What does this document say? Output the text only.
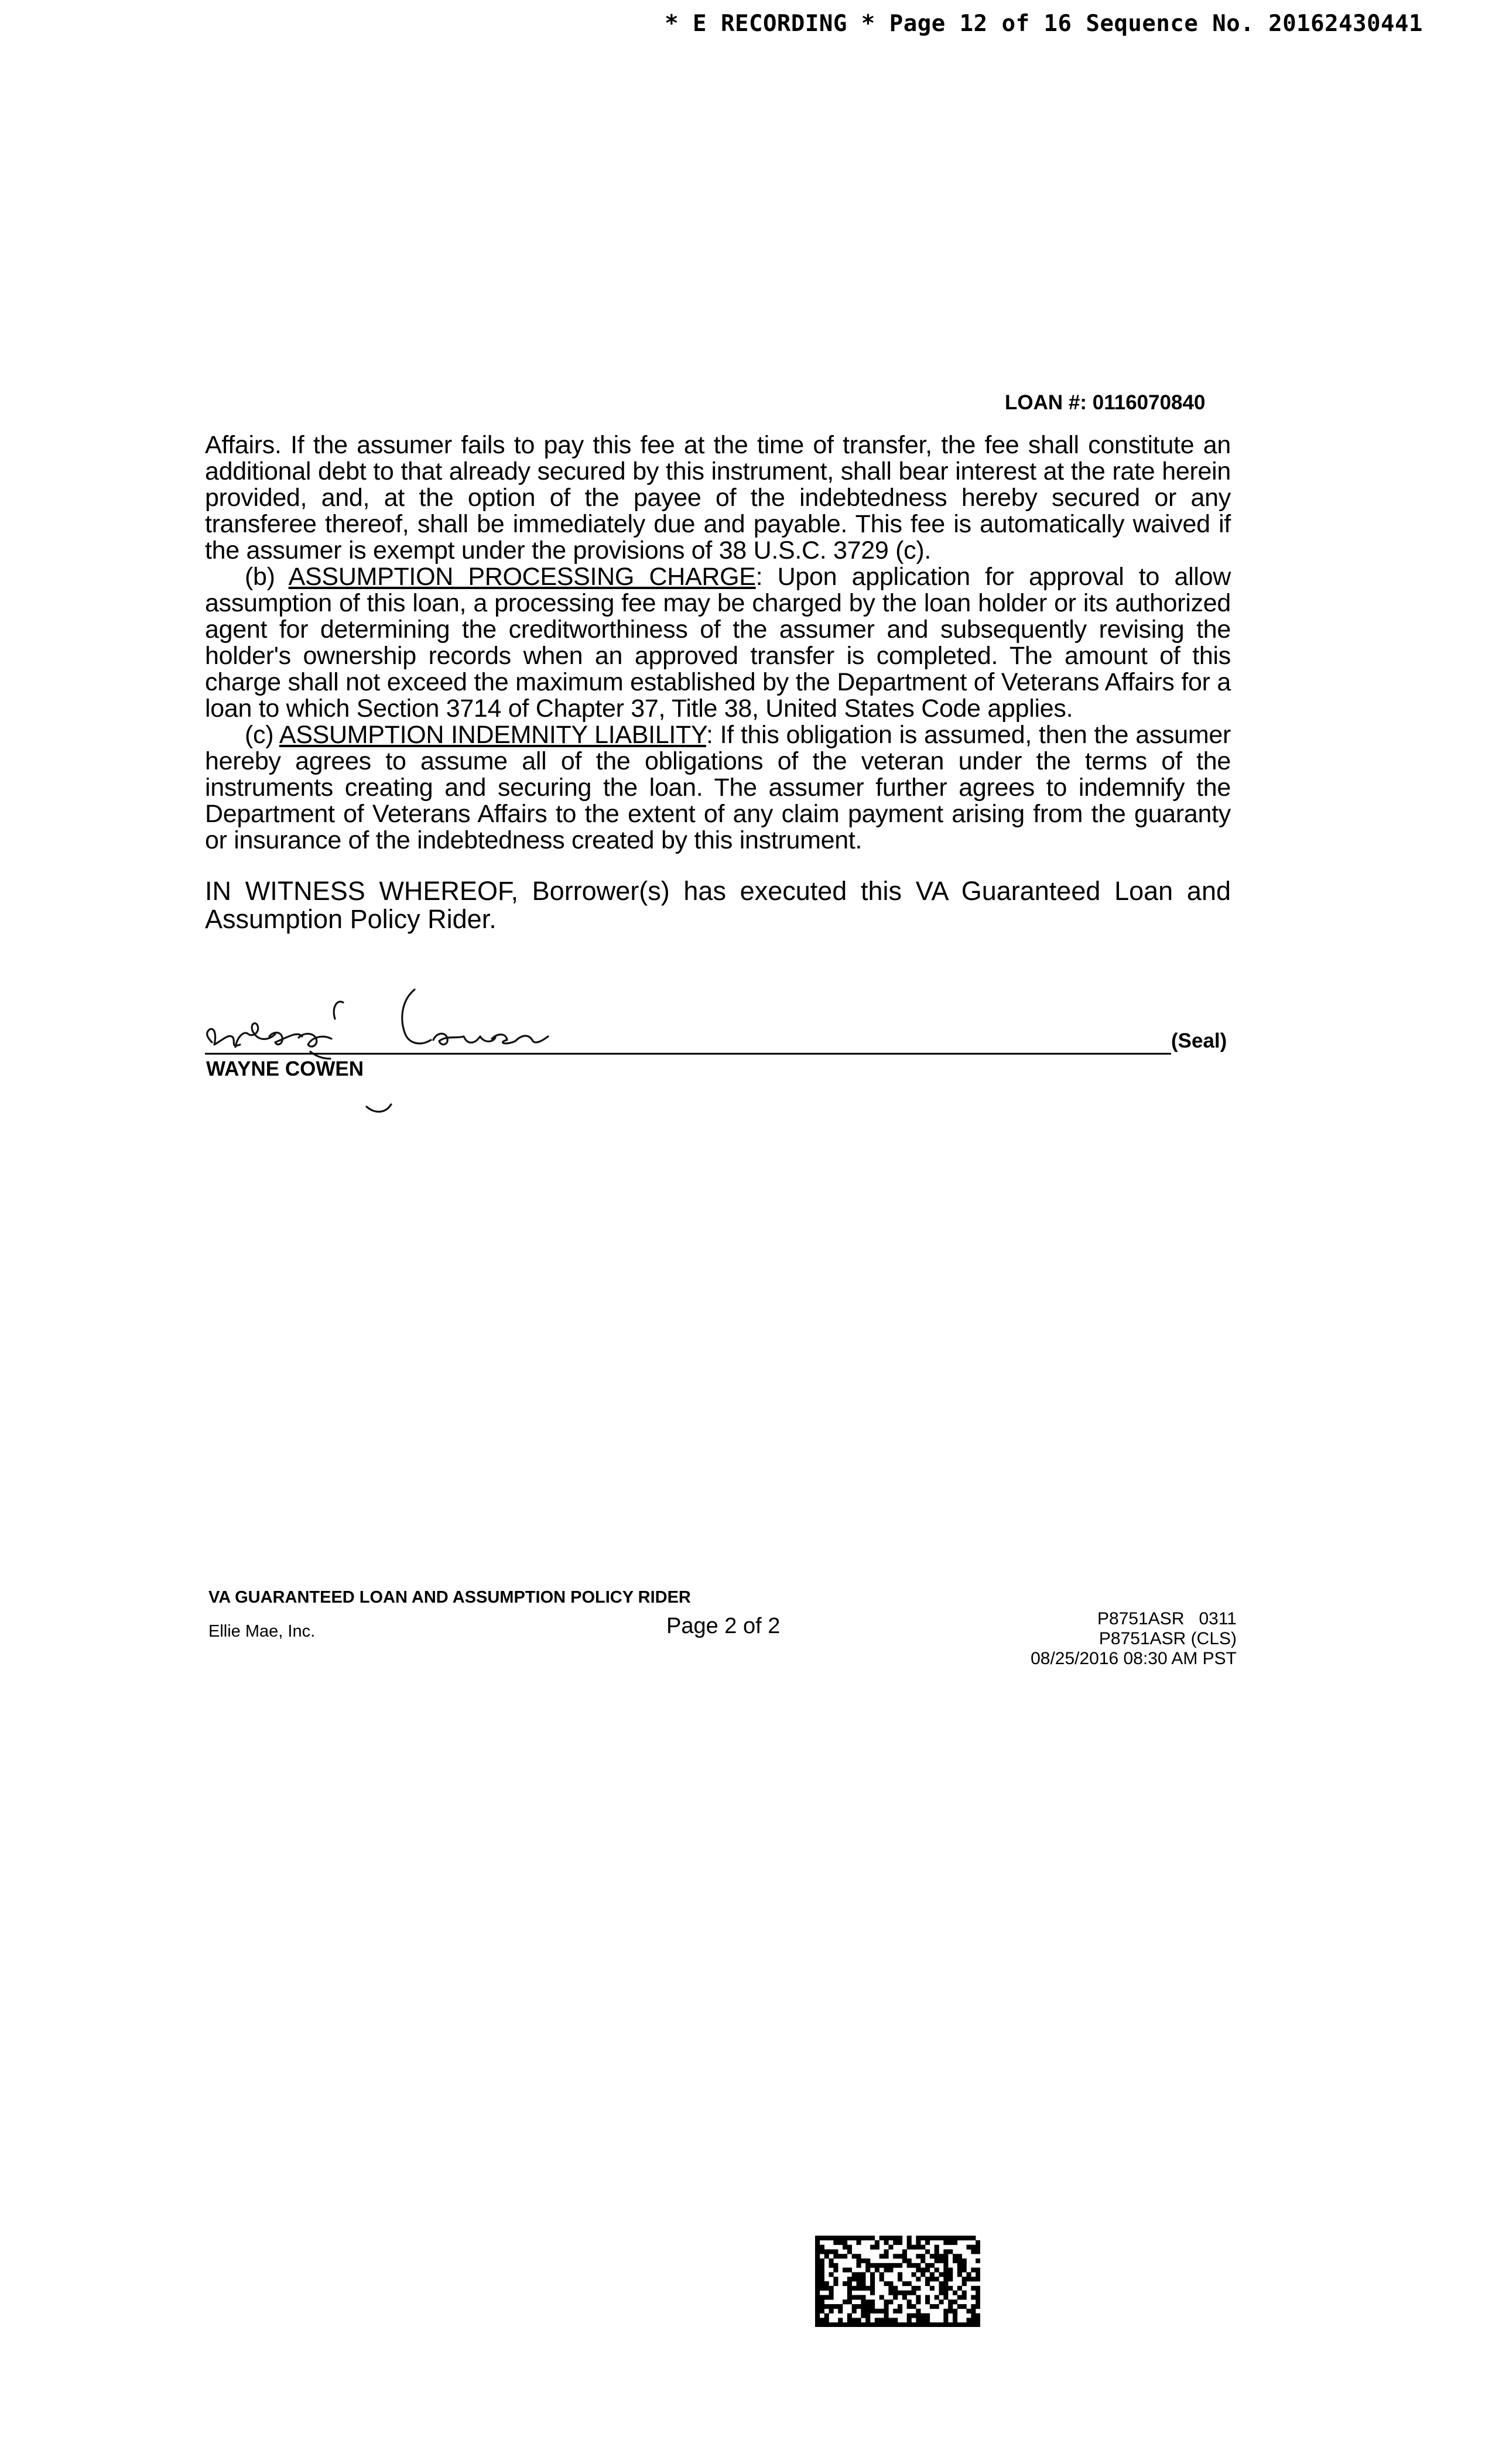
* E RECORDING * Page 12 of 16 Sequence No. 20162430441
LOAN #: 0116070840

Affairs. If the assumer fails to pay this fee at the time of transfer, the fee shall constitute an additional debt to that already secured by this instrument, shall bear interest at the rate herein provided, and, at the option of the payee of the indebtedness hereby secured or any transferee thereof, shall be immediately due and payable. This fee is automatically waived if the assumer is exempt under the provisions of 38 U.S.C. 3729 (c).

(b) ASSUMPTION PROCESSING CHARGE: Upon application for approval to allow assumption of this loan, a processing fee may be charged by the loan holder or its authorized agent for determining the creditworthiness of the assumer and subsequently revising the holder's ownership records when an approved transfer is completed. The amount of this charge shall not exceed the maximum established by the Department of Veterans Affairs for a loan to which Section 3714 of Chapter 37, Title 38, United States Code applies.

(c) ASSUMPTION INDEMNITY LIABILITY: If this obligation is assumed, then the assumer hereby agrees to assume all of the obligations of the veteran under the terms of the instruments creating and securing the loan. The assumer further agrees to indemnify the Department of Veterans Affairs to the extent of any claim payment arising from the guaranty or insurance of the indebtedness created by this instrument.

IN WITNESS WHEREOF, Borrower(s) has executed this VA Guaranteed Loan and Assumption Policy Rider.
(Seal)
WAYNE COWEN
VA GUARANTEED LOAN AND ASSUMPTION POLICY RIDER
Ellie Mae, Inc.	Page 2 of 2	P8751ASR   0311
P8751ASR (CLS)
08/25/2016 08:30 AM PST
